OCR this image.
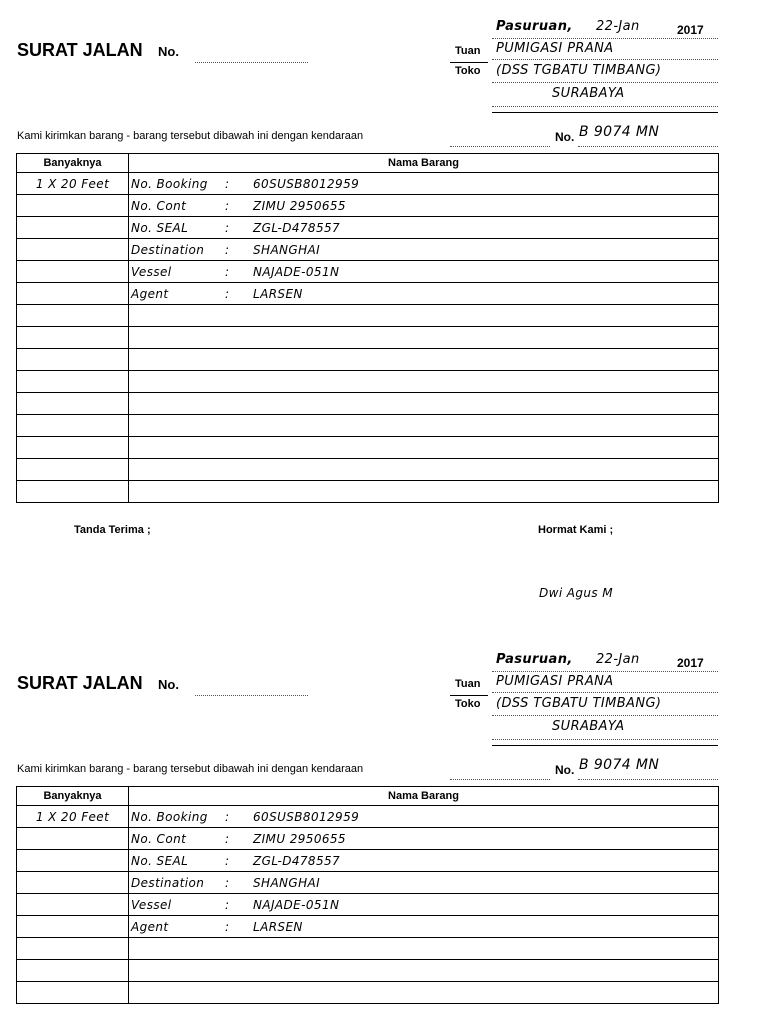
SURAT JALAN No.
Pasuruan, 22-Jan	2017
Tuan PUMIGASI PRANA
Toko (DSS TGBATU TIMBANG)
SURABAYA
Kami kirimkan barang - barang tersebut dibawah ini dengan kendaraan	No. B 9074 MN
Banyaknya	Nama Barang
1 X 20 Feet	No. Booking : 60SUSB8012959
	No. Cont : ZIMU 2950655
	No. SEAL : ZGL-D478557
	Destination : SHANGHAI
	Vessel : NAJADE-051N
	Agent : LARSEN

Tanda Terima ;	Hormat Kami ;
Dwi Agus M
SURAT JALAN No.
Pasuruan, 22-Jan	2017
Tuan PUMIGASI PRANA
Toko (DSS TGBATU TIMBANG)
SURABAYA
Kami kirimkan barang - barang tersebut dibawah ini dengan kendaraan	No. B 9074 MN
Banyaknya	Nama Barang
1 X 20 Feet	No. Booking : 60SUSB8012959
	No. Cont : ZIMU 2950655
	No. SEAL : ZGL-D478557
	Destination : SHANGHAI
	Vessel : NAJADE-051N
	Agent : LARSEN
